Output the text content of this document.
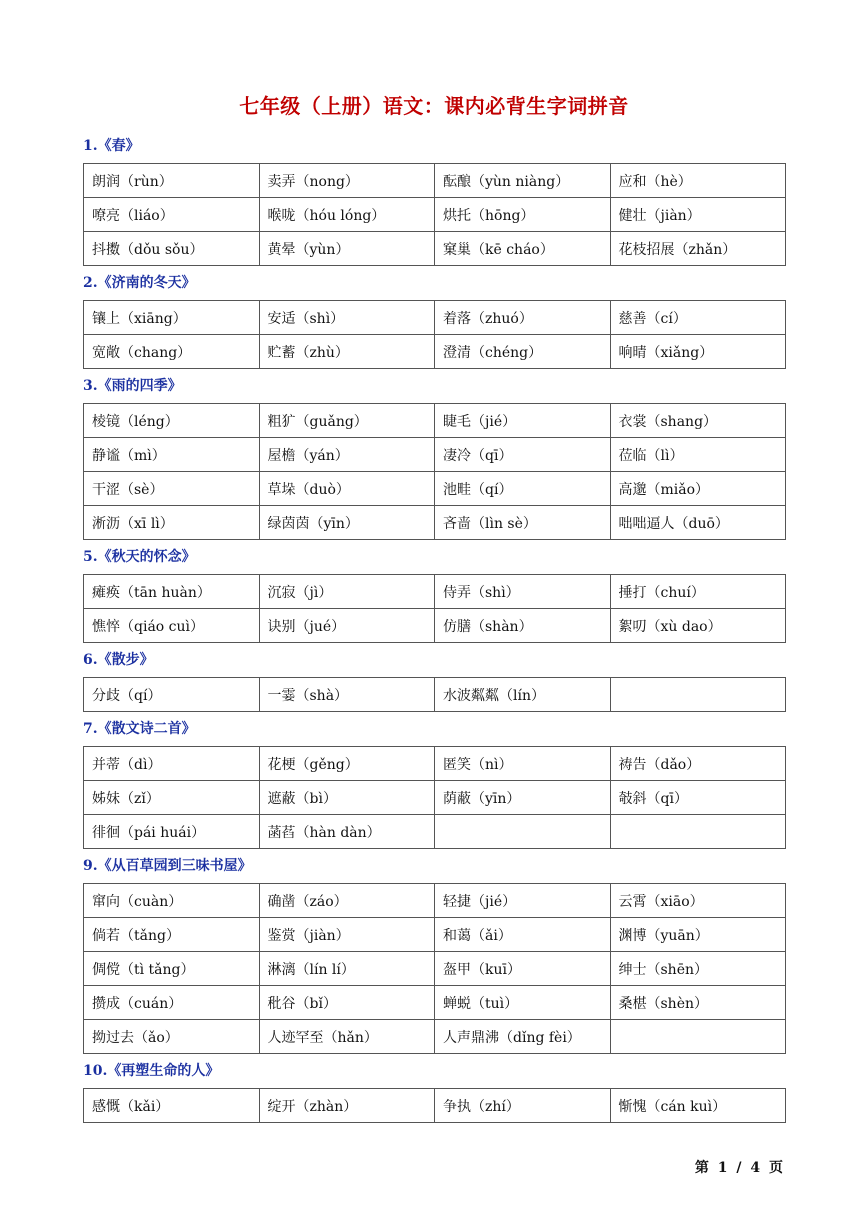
七年级（上册）语文：课内必背生字词拼音
1.《春》
朗润（rùn）	卖弄（nong）	酝酿（yùn niàng）	应和（hè）
嘹亮（liáo）	喉咙（hóu lóng）	烘托（hōng）	健壮（jiàn）
抖擞（dǒu sǒu）	黄晕（yùn）	窠巢（kē cháo）	花枝招展（zhǎn）
2.《济南的冬天》
镶上（xiāng）	安适（shì）	着落（zhuó）	慈善（cí）
宽敞（chang）	贮蓄（zhù）	澄清（chéng）	响晴（xiǎng）
3.《雨的四季》
棱镜（léng）	粗犷（guǎng）	睫毛（jié）	衣裳（shang）
静谧（mì）	屋檐（yán）	凄冷（qī）	莅临（lì）
干涩（sè）	草垛（duò）	池畦（qí）	高邈（miǎo）
淅沥（xī lì）	绿茵茵（yīn）	吝啬（lìn sè）	咄咄逼人（duō）
5.《秋天的怀念》
瘫痪（tān huàn）	沉寂（jì）	侍弄（shì）	捶打（chuí）
憔悴（qiáo cuì）	诀别（jué）	仿膳（shàn）	絮叨（xù dao）
6.《散步》
分歧（qí）	一霎（shà）	水波粼粼（lín）	
7.《散文诗二首》
并蒂（dì）	花梗（gěng）	匿笑（nì）	祷告（dǎo）
姊妹（zǐ）	遮蔽（bì）	荫蔽（yīn）	攲斜（qī）
徘徊（pái huái）	菡萏（hàn dàn）		
9.《从百草园到三味书屋》
窜向（cuàn）	确凿（záo）	轻捷（jié）	云霄（xiāo）
倘若（tǎng）	鉴赏（jiàn）	和蔼（ǎi）	渊博（yuān）
倜傥（tì tǎng）	淋漓（lín lí）	盔甲（kuī）	绅士（shēn）
攒成（cuán）	秕谷（bǐ）	蝉蜕（tuì）	桑椹（shèn）
拗过去（ǎo）	人迹罕至（hǎn）	人声鼎沸（dǐng fèi）	
10.《再塑生命的人》
感慨（kǎi）	绽开（zhàn）	争执（zhí）	惭愧（cán kuì）
第 1 / 4 页
